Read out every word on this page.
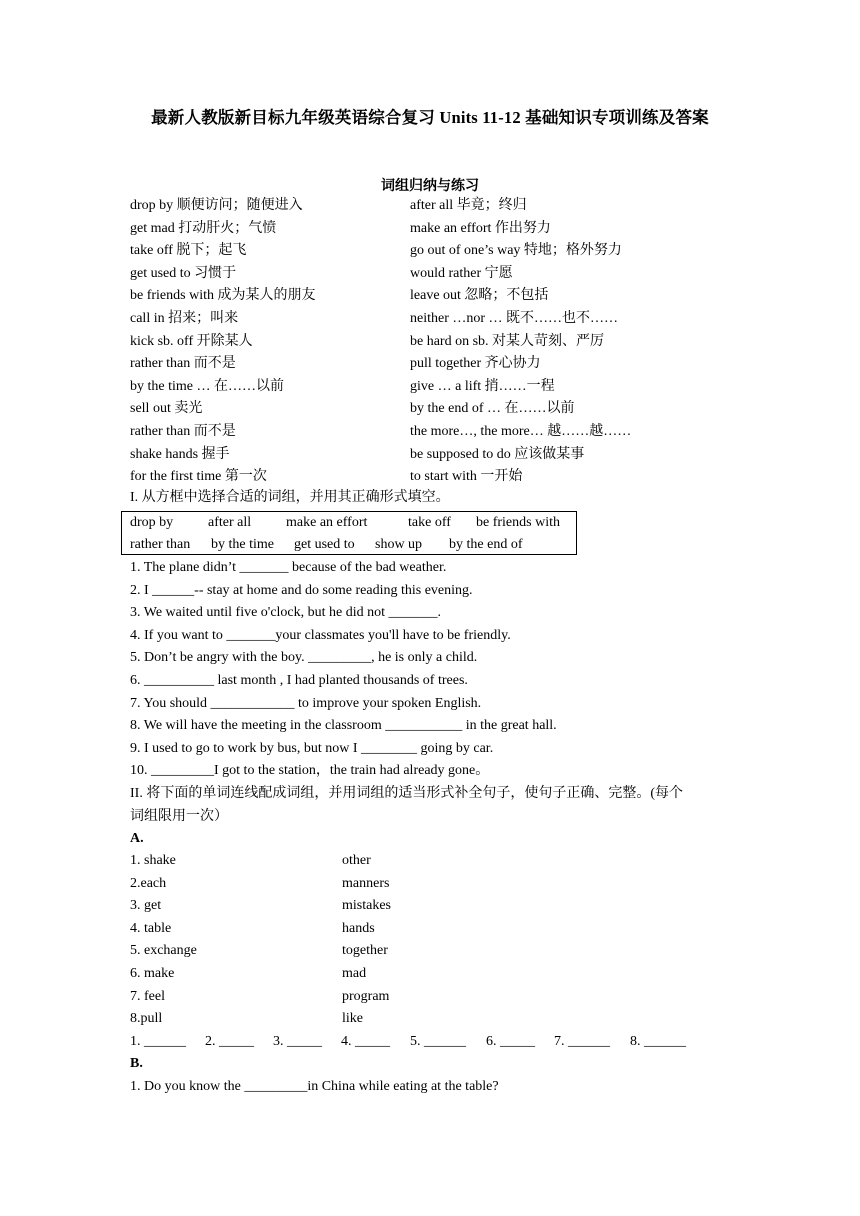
最新人教版新目标九年级英语综合复习 Units 11-12 基础知识专项训练及答案
词组归纳与练习
drop by 顺便访问；随便进入	after all 毕竟；终归
get mad 打动肝火；气愤	make an effort 作出努力
take off 脱下；起飞	go out of one’s way 特地；格外努力
get used to 习惯于	would rather 宁愿
be friends with 成为某人的朋友	leave out 忽略；不包括
call in 招来；叫来	neither …nor … 既不……也不……
kick sb. off 开除某人	be hard on sb. 对某人苛刻、严厉
rather than 而不是	pull together 齐心协力
by the time … 在……以前	give … a lift 捎……一程
sell out 卖光	by the end of … 在……以前
rather than 而不是	the more…, the more… 越……越……
shake hands 握手	be supposed to do 应该做某事
for the first time 第一次	to start with 一开始
I. 从方框中选择合适的词组，并用其正确形式填空。
drop by after all make an effort	take off be friends with
rather than by the time get used to show up by the end of
1. The plane didn’t _______ because of the bad weather.
2. I ______-- stay at home and do some reading this evening.
3. We waited until five o'clock, but he did not _______.
4. If you want to _______your classmates you'll have to be friendly.
5. Don’t be angry with the boy. _________, he is only a child.
6. __________ last month , I had planted thousands of trees.
7. You should ____________ to improve your spoken English.
8. We will have the meeting in the classroom ___________ in the great hall.
9. I used to go to work by bus, but now I ________ going by car.
10. _________I got to the station，the train had already gone。
II. 将下面的单词连线配成词组，并用词组的适当形式补全句子，使句子正确、完整。(每个
词组限用一次）
A.
1. shake	other
2.each	manners
3. get	mistakes
4. table	hands
5. exchange	together
6. make	mad
7. feel	program
8.pull	like
1. ______ 2. _____ 3. _____ 4. _____ 5. ______ 6. _____ 7. ______ 8. ______
B.
1. Do you know the _________in China while eating at the table?
